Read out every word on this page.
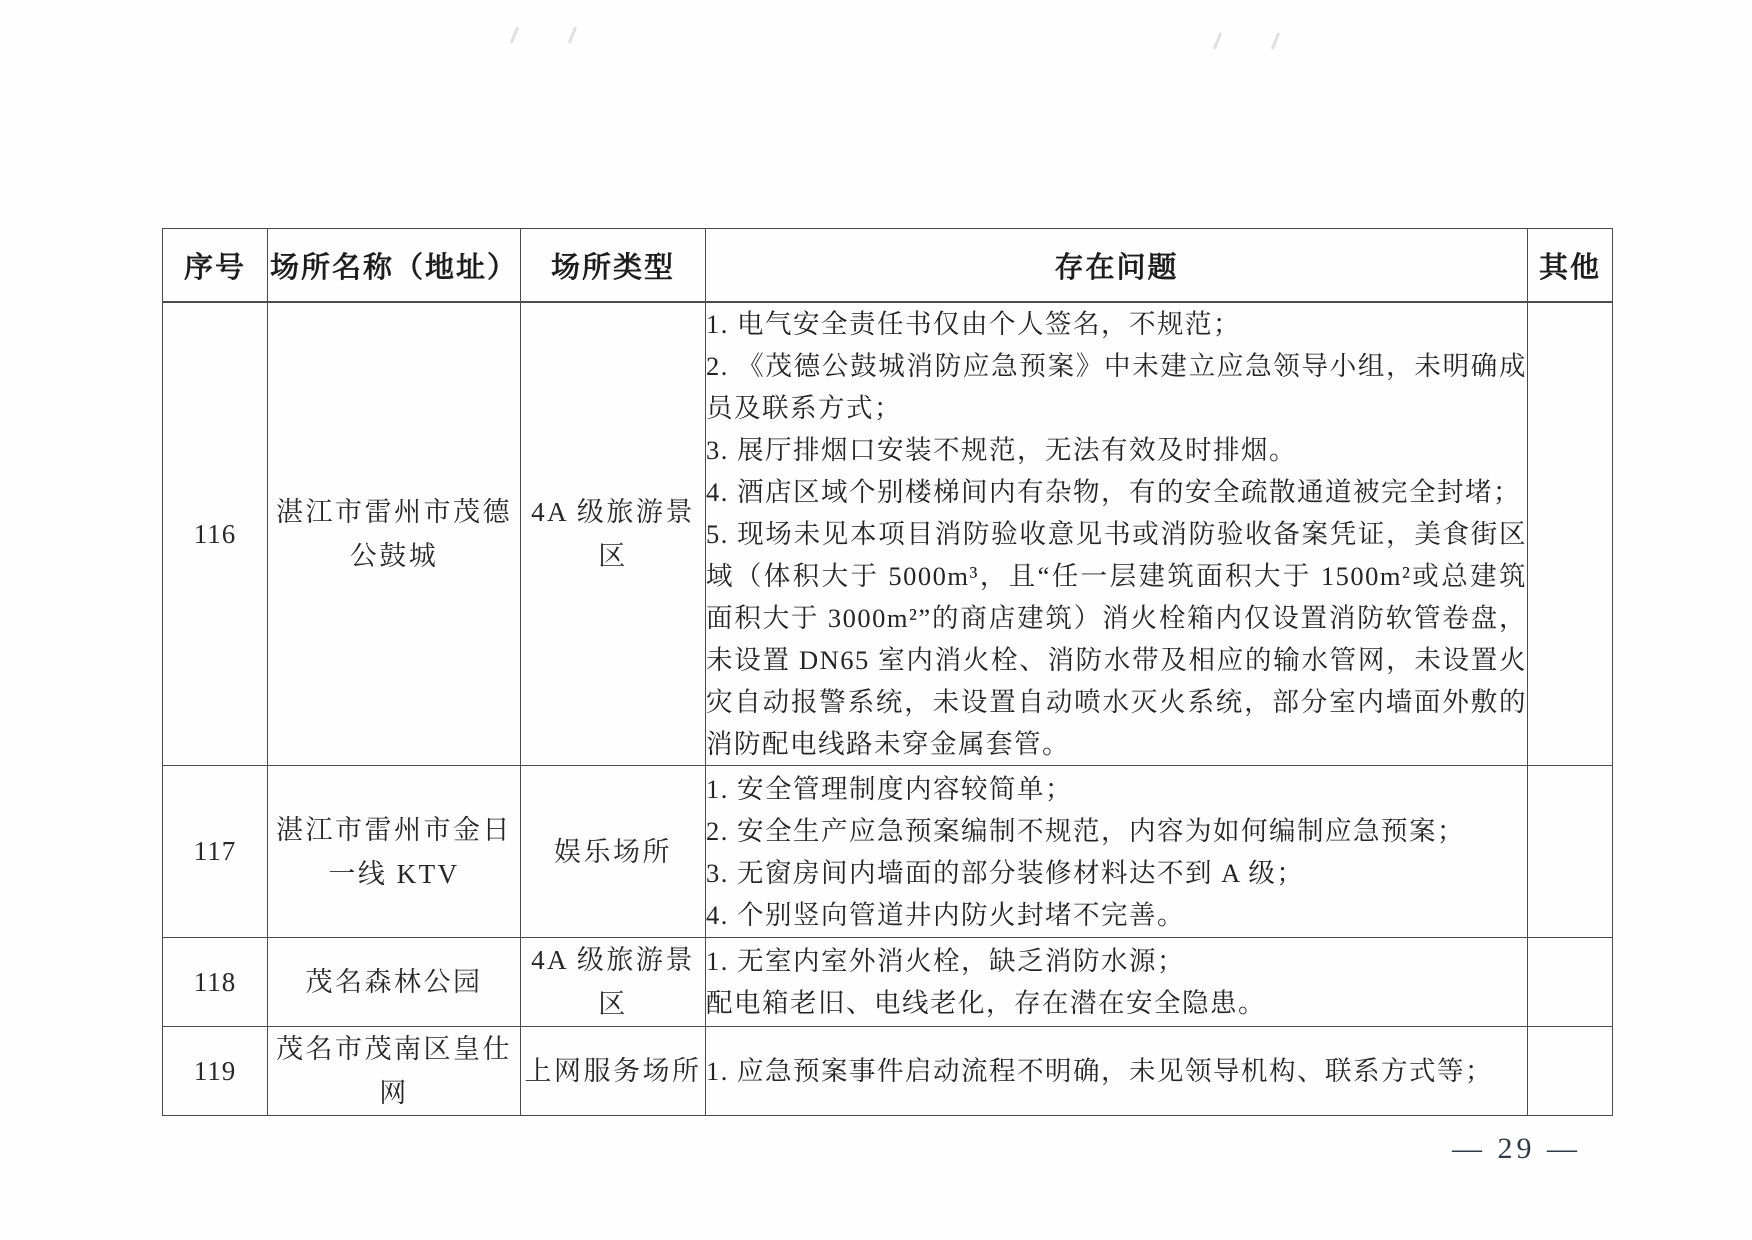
序号	场所名称（地址）	场所类型	存在问题	其他
116	湛江市雷州市茂德公鼓城	4A 级旅游景区	1. 电气安全责任书仅由个人签名，不规范；
2. 《茂德公鼓城消防应急预案》中未建立应急领导小组，未明确成员及联系方式；
3. 展厅排烟口安装不规范，无法有效及时排烟。
4. 酒店区域个别楼梯间内有杂物，有的安全疏散通道被完全封堵；
5. 现场未见本项目消防验收意见书或消防验收备案凭证，美食街区域（体积大于 5000m³，且“任一层建筑面积大于 1500m²或总建筑面积大于 3000m²”的商店建筑）消火栓箱内仅设置消防软管卷盘，未设置 DN65 室内消火栓、消防水带及相应的输水管网，未设置火灾自动报警系统，未设置自动喷水灭火系统，部分室内墙面外敷的消防配电线路未穿金属套管。	

117	湛江市雷州市金日一线 KTV	娱乐场所	1. 安全管理制度内容较简单；
2. 安全生产应急预案编制不规范，内容为如何编制应急预案；
3. 无窗房间内墙面的部分装修材料达不到 A 级；
4. 个别竖向管道井内防火封堵不完善。	

118	茂名森林公园	4A 级旅游景区	1. 无室内室外消火栓，缺乏消防水源；
配电箱老旧、电线老化，存在潜在安全隐患。	

119	茂名市茂南区皇仕网	上网服务场所	1. 应急预案事件启动流程不明确，未见领导机构、联系方式等；	

— 29 —
